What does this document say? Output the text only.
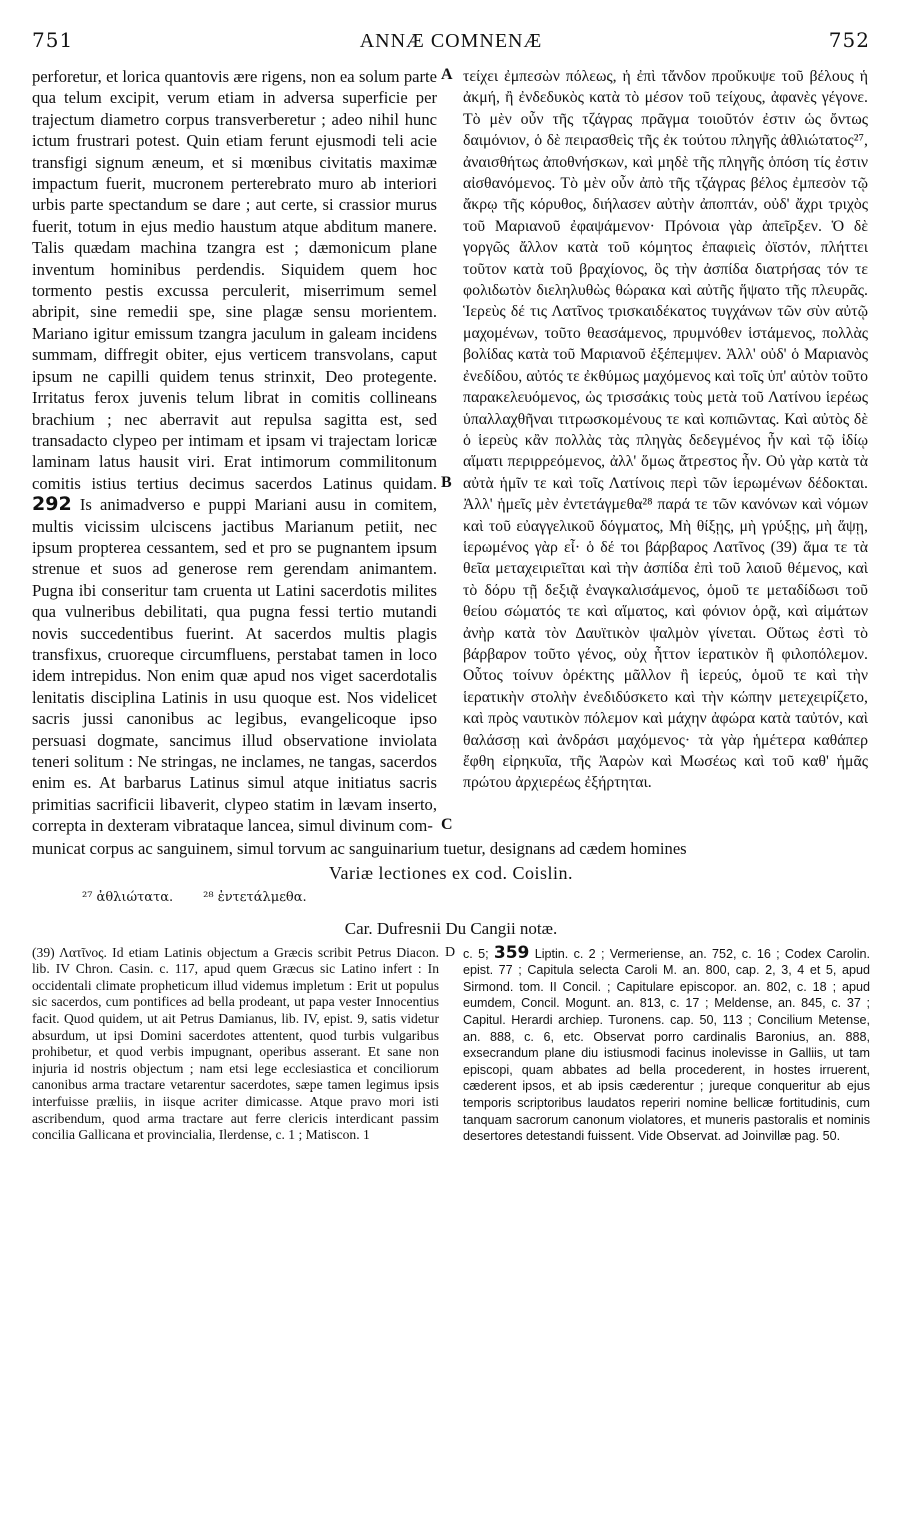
751	ANNÆ COMNENÆ	752

perforetur, et lorica quantovis ære rigens, non ea solum parte qua telum excipit, verum etiam in adversa superficie per trajectum diametro corpus transverberetur ; adeo nihil hunc ictum frustrari potest. Quin etiam ferunt ejusmodi teli acie transfigi signum æneum, et si mœnibus civitatis maximæ impactum fuerit, mucronem perterebrato muro ab interiori urbis parte spectandum se dare ; aut certe, si crassior murus fuerit, totum in ejus medio haustum atque abditum manere. Talis quædam machina tzangra est ; dæmonicum plane inventum hominibus perdendis. Siquidem quem hoc tormento pestis excussa perculerit, miserrimum semel abripit, sine remedii spe, sine plagæ sensu morientem. Mariano igitur emissum tzangra jaculum in galeam incidens summam, diffregit obiter, ejus verticem transvolans, caput ipsum ne capilli quidem tenus strinxit, Deo protegente. Irritatus ferox juvenis telum librat in comitis collineans brachium ; nec aberravit aut repulsa sagitta est, sed transadacto clypeo per intimam et ipsam vi trajectam loricæ laminam latus hausit viri. Erat intimorum commilitonum comitis istius tertius decimus sacerdos Latinus quidam. 292 Is animadverso e puppi Mariani ausu in comitem, multis vicissim ulciscens jactibus Marianum petiit, nec ipsum propterea cessantem, sed et pro se pugnantem ipsum strenue et suos ad generose rem gerendam animantem. Pugna ibi conseritur tam cruenta ut Latini sacerdotis milites qua vulneribus debilitati, qua pugna fessi tertio mutandi novis succedentibus fuerint. At sacerdos multis plagis transfixus, cruoreque circumfluens, perstabat tamen in loco idem intrepidus. Non enim quæ apud nos viget sacerdotalis lenitatis disciplina Latinis in usu quoque est. Nos videlicet sacris jussi canonibus ac legibus, evangelicoque ipso persuasi dogmate, sancimus illud observatione inviolata teneri solitum : Ne stringas, ne inclames, ne tangas, sacerdos enim es. At barbarus Latinus simul atque initiatus sacris primitias sacrificii libaverit, clypeo statim in lævam inserto, correpta in dexteram vibrataque lancea, simul divinum com-

A
B
C

τείχει ἐμπεσὼν πόλεως, ἡ ἐπὶ τἄνδον προὔκυψε τοῦ βέλους ἡ ἀκμή, ἢ ἐνδεδυκὸς κατὰ τὸ μέσον τοῦ τείχους, ἀφανὲς γέγονε. Τὸ μὲν οὖν τῆς τζάγρας πρᾶγμα τοιοῦτόν ἐστιν ὡς ὄντως δαιμόνιον, ὁ δὲ πειρασθεὶς τῆς ἐκ τούτου πληγῆς ἀθλιώτατος²⁷, ἀναισθήτως ἀποθνήσκων, καὶ μηδὲ τῆς πληγῆς ὁπόση τίς ἐστιν αἰσθανόμενος. Τὸ μὲν οὖν ἀπὸ τῆς τζάγρας βέλος ἐμπεσὸν τῷ ἄκρῳ τῆς κόρυθος, διήλασεν αὐτὴν ἀποπτάν, οὐδ' ἄχρι τριχὸς τοῦ Μαριανοῦ ἐφαψάμενον· Πρόνοια γὰρ ἀπεῖρξεν. Ὁ δὲ γοργῶς ἄλλον κατὰ τοῦ κόμητος ἐπαφιεὶς ὀϊστόν, πλήττει τοῦτον κατὰ τοῦ βραχίονος, ὃς τὴν ἀσπίδα διατρήσας τόν τε φολιδωτὸν διεληλυθὼς θώρακα καὶ αὐτῆς ἥψατο τῆς πλευρᾶς. Ἱερεὺς δέ τις Λατῖνος τρισκαιδέκατος τυγχάνων τῶν σὺν αὐτῷ μαχομένων, τοῦτο θεασάμενος, πρυμνόθεν ἱστάμενος, πολλὰς βολίδας κατὰ τοῦ Μαριανοῦ ἐξέπεμψεν. Ἀλλ' οὐδ' ὁ Μαριανὸς ἐνεδίδου, αὐτός τε ἐκθύμως μαχόμενος καὶ τοῖς ὑπ' αὐτὸν τοῦτο παρακελευόμενος, ὡς τρισσάκις τοὺς μετὰ τοῦ Λατίνου ἱερέως ὑπαλλαχθῆναι τιτρωσκομένους τε καὶ κοπιῶντας. Καὶ αὐτὸς δὲ ὁ ἱερεὺς κἂν πολλὰς τὰς πληγὰς δεδεγμένος ἦν καὶ τῷ ἰδίῳ αἵματι περιρρεόμενος, ἀλλ' ὅμως ἄτρεστος ἦν. Οὐ γὰρ κατὰ τὰ αὐτὰ ἡμῖν τε καὶ τοῖς Λατίνοις περὶ τῶν ἱερωμένων δέδοκται. Ἀλλ' ἡμεῖς μὲν ἐντετάγμεθα²⁸ παρά τε τῶν κανόνων καὶ νόμων καὶ τοῦ εὐαγγελικοῦ δόγματος, Μὴ θίξῃς, μὴ γρύξῃς, μὴ ἅψῃ, ἱερωμένος γὰρ εἶ· ὁ δέ τοι βάρβαρος Λατῖνος (39) ἅμα τε τὰ θεῖα μεταχειριεῖται καὶ τὴν ἀσπίδα ἐπὶ τοῦ λαιοῦ θέμενος, καὶ τὸ δόρυ τῇ δεξιᾷ ἐναγκαλισάμενος, ὁμοῦ τε μεταδίδωσι τοῦ θείου σώματός τε καὶ αἵματος, καὶ φόνιον ὁρᾷ, καὶ αἱμάτων ἀνὴρ κατὰ τὸν Δαυϊτικὸν ψαλμὸν γίνεται. Οὕτως ἐστὶ τὸ βάρβαρον τοῦτο γένος, οὐχ ἧττον ἱερατικὸν ἢ φιλοπόλεμον. Οὗτος τοίνυν ὀρέκτης μᾶλλον ἢ ἱερεύς, ὁμοῦ τε καὶ τὴν ἱερατικὴν στολὴν ἐνεδιδύσκετο καὶ τὴν κώπην μετεχειρίζετο, καὶ πρὸς ναυτικὸν πόλεμον καὶ μάχην ἀφώρα κατὰ ταὐτόν, καὶ θαλάσσῃ καὶ ἀνδράσι μαχόμενος· τὰ γὰρ ἡμέτερα καθάπερ ἔφθη εἰρηκυῖα, τῆς Ἀαρὼν καὶ Μωσέως καὶ τοῦ καθ' ἡμᾶς πρώτου ἀρχιερέως ἐξήρτηται.

municat corpus ac sanguinem, simul torvum ac sanguinarium tuetur, designans ad cædem homines
Variæ lectiones ex cod. Coislin.
²⁷ ἀθλιώτατα. ²⁸ ἐντετάλμεθα.
Car. Dufresnii Du Cangii notæ.

(39) Λατῖνος. Id etiam Latinis objectum a Græcis scribit Petrus Diacon. lib. IV Chron. Casin. c. 117, apud quem Græcus sic Latino infert : In occidentali climate propheticum illud videmus impletum : Erit ut populus sic sacerdos, cum pontifices ad bella prodeant, ut papa vester Innocentius facit. Quod quidem, ut ait Petrus Damianus, lib. IV, epist. 9, satis videtur absurdum, ut ipsi Domini sacerdotes attentent, quod turbis vulgaribus prohibetur, et quod verbis impugnant, operibus asserant. Et sane non injuria id nostris objectum ; nam etsi lege ecclesiastica et conciliorum canonibus arma tractare vetarentur sacerdotes, sæpe tamen legimus ipsis interfuisse præliis, in iisque acriter dimicasse. Atque pravo mori isti ascribendum, quod arma tractare aut ferre clericis interdicant passim concilia Gallicana et provincialia, Ilerdense, c. 1 ; Matiscon. 1

D c. 5; 359 Liptin. c. 2 ; Vermeriense, an. 752, c. 16 ; Codex Carolin. epist. 77 ; Capitula selecta Caroli M. an. 800, cap. 2, 3, 4 et 5, apud Sirmond. tom. II Concil. ; Capitulare episcopor. an. 802, c. 18 ; apud eumdem, Concil. Mogunt. an. 813, c. 17 ; Meldense, an. 845, c. 37 ; Capitul. Herardi archiep. Turonens. cap. 50, 113 ; Concilium Metense, an. 888, c. 6, etc. Observat porro cardinalis Baronius, an. 888, exsecrandum plane diu istiusmodi facinus inolevisse in Galliis, ut tam episcopi, quam abbates ad bella procederent, in hostes irruerent, cæderent ipsos, et ab ipsis cæderentur ; jureque conqueritur ab ejus temporis scriptoribus laudatos reperiri nomine bellicæ fortitudinis, cum tanquam sacrorum canonum violatores, et muneris pastoralis et nominis desertores detestandi fuissent. Vide Observat. ad Joinvillæ pag. 50.
